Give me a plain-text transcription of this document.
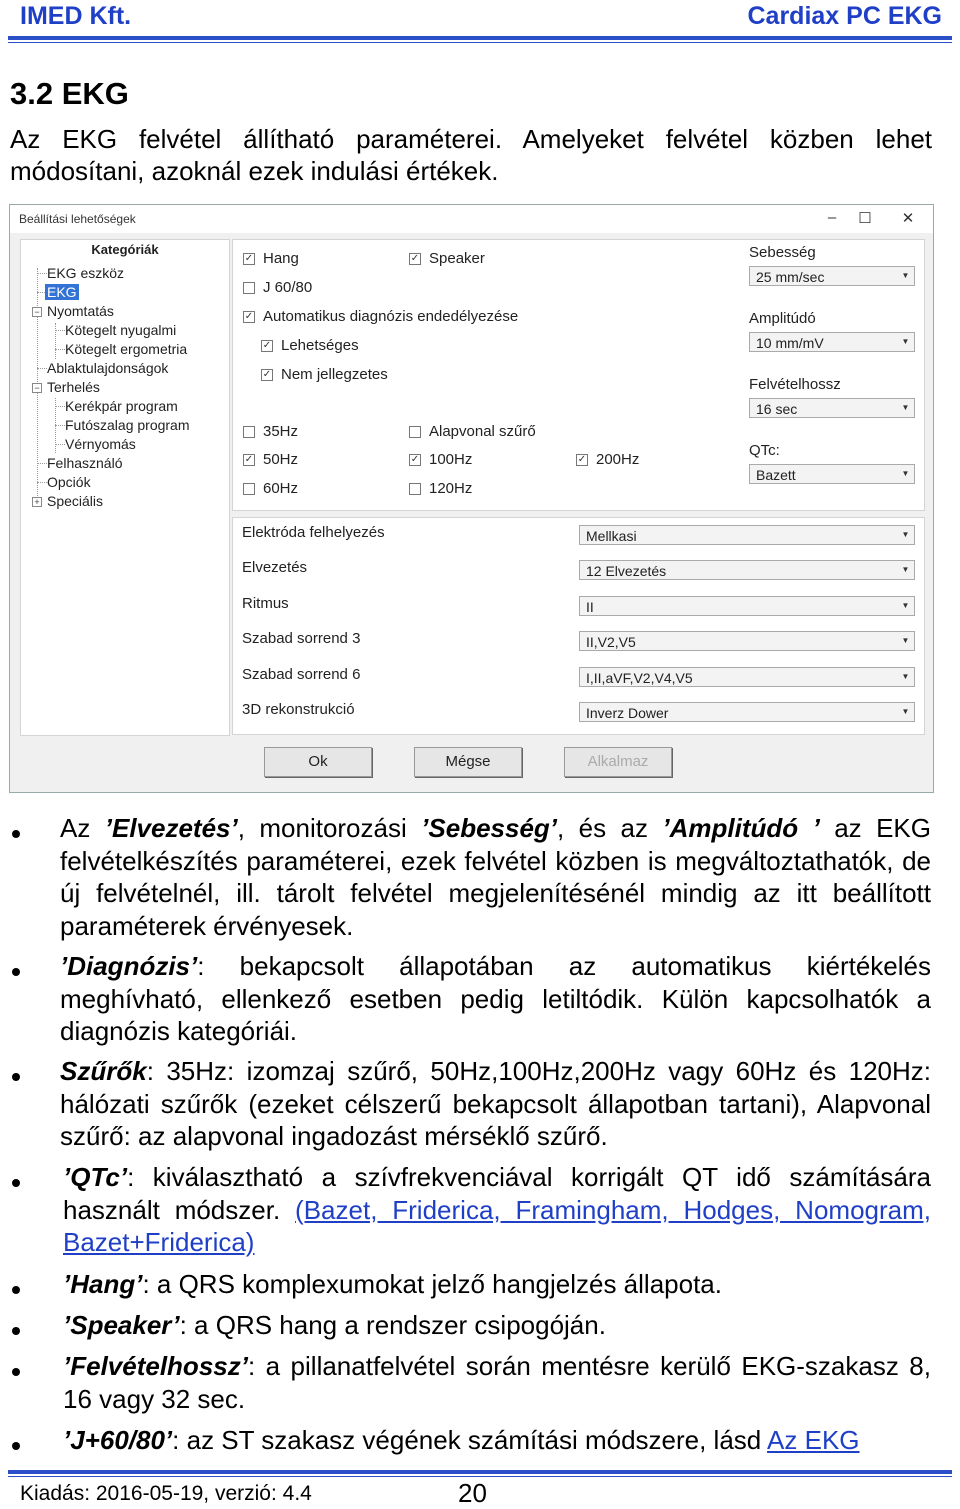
IMED Kft.	Cardiax PC EKG
3.2 EKG
Az EKG felvétel állítható paraméterei. Amelyeket felvétel közben lehet módosítani, azoknál ezek indulási értékek.
Beállítási lehetőségek	–	☐ ✕
Kategóriák
EKG eszköz
EKG
− Nyomtatás
Kötegelt nyugalmi
Kötegelt ergometria
Ablaktulajdonságok
− Terhelés
Kerékpár program
Futószalag program
Vérnyomás
Felhasználó
Opciók
+ Speciális
✓ Hang	✓ Speaker
J 60/80
✓ Automatikus diagnózis endedélyezése
✓ Lehetséges
✓ Nem jellegzetes
35Hz
✓ 50Hz
60Hz
Alapvonal szűrő
✓ 100Hz
120Hz
✓ 200Hz
Sebesség
25 mm/sec	▼
Amplitúdó
10 mm/mV	▼
Felvételhossz
16 sec	▼
QTc:
Bazett	▼
Elektróda felhelyezés	Mellkasi	▼
Elvezetés	12 Elvezetés	▼
Ritmus	II	▼
Szabad sorrend 3	II,V2,V5	▼
Szabad sorrend 6	I,II,aVF,V2,V4,V5	▼
3D rekonstrukció	Inverz Dower	▼
Ok	Mégse	Alkalmaz
Az ’Elvezetés’, monitorozási ’Sebesség’, és az ’Amplitúdó ’ az EKG felvételkészítés paraméterei, ezek felvétel közben is megváltoztathatók, de új felvételnél, ill. tárolt felvétel megjelenítésénél mindig az itt beállított paraméterek érvényesek.
’Diagnózis’: bekapcsolt állapotában az automatikus kiértékelés meghívható, ellenkező esetben pedig letiltódik. Külön kapcsolhatók a diagnózis kategóriái.
Szűrők: 35Hz: izomzaj szűrő, 50Hz,100Hz,200Hz vagy 60Hz és 120Hz: hálózati szűrők (ezeket célszerű bekapcsolt állapotban tartani), Alapvonal szűrő: az alapvonal ingadozást mérséklő szűrő.
’QTc’: kiválasztható a szívfrekvenciával korrigált QT idő számítására használt módszer. (Bazet, Friderica, Framingham, Hodges, Nomogram, Bazet+Friderica)
’Hang’: a QRS komplexumokat jelző hangjelzés állapota.
’Speaker’: a QRS hang a rendszer csipogóján.
’Felvételhossz’: a pillanatfelvétel során mentésre kerülő EKG-szakasz 8, 16 vagy 32 sec.
’J+60/80’: az ST szakasz végének számítási módszere, lásd Az EKG
Kiadás: 2016-05-19, verzió: 4.4	20
